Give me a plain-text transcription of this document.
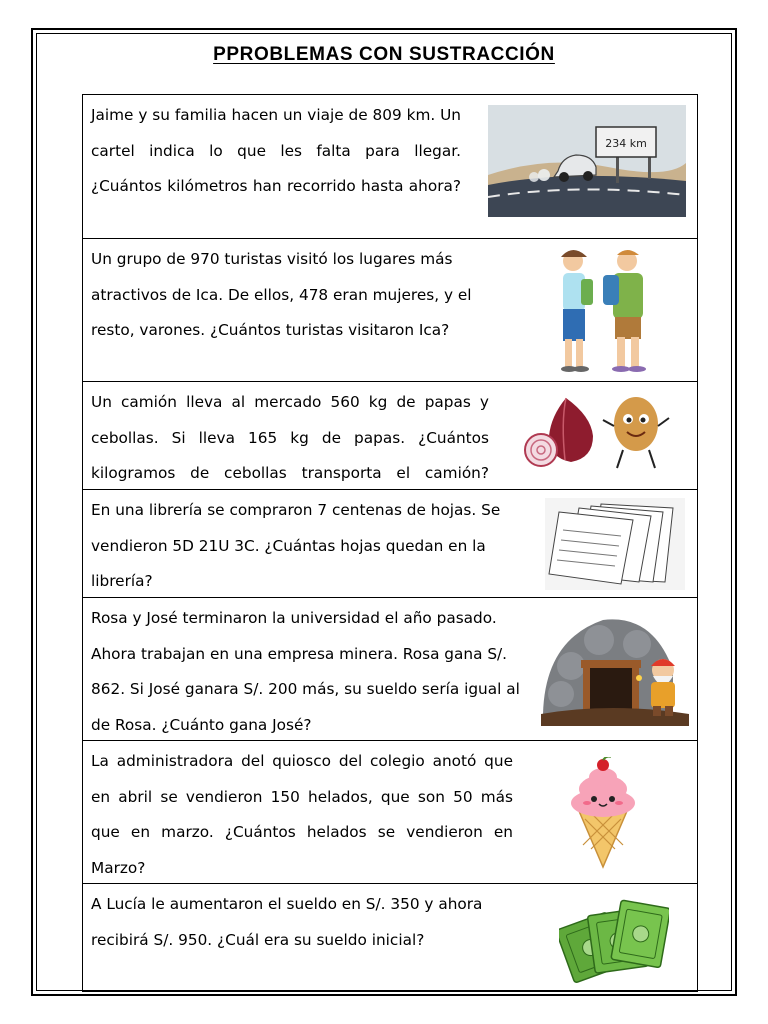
PPROBLEMAS CON SUSTRACCIÓN
Jaime y su familia hacen un viaje de 809 km. Un cartel indica lo que les falta para llegar. ¿Cuántos kilómetros han recorrido hasta ahora?
234 km
Un grupo de 970 turistas visitó los lugares más atractivos de Ica. De ellos, 478 eran mujeres, y el resto, varones. ¿Cuántos turistas visitaron Ica?
Un camión lleva al mercado 560 kg de papas y cebollas. Si lleva 165 kg de papas. ¿Cuántos kilogramos de cebollas transporta el camión?
En una librería se compraron 7 centenas de hojas. Se vendieron 5D 21U 3C. ¿Cuántas hojas quedan en la librería?
Rosa y José terminaron la universidad el año pasado. Ahora trabajan en una empresa minera. Rosa gana S/. 862. Si José ganara S/. 200 más, su sueldo sería igual al de Rosa. ¿Cuánto gana José?
La administradora del quiosco del colegio anotó que en abril se vendieron 150 helados, que son 50 más que en marzo. ¿Cuántos helados se vendieron en Marzo?
A Lucía le aumentaron el sueldo en S/. 350 y ahora recibirá S/. 950. ¿Cuál era su sueldo inicial?
